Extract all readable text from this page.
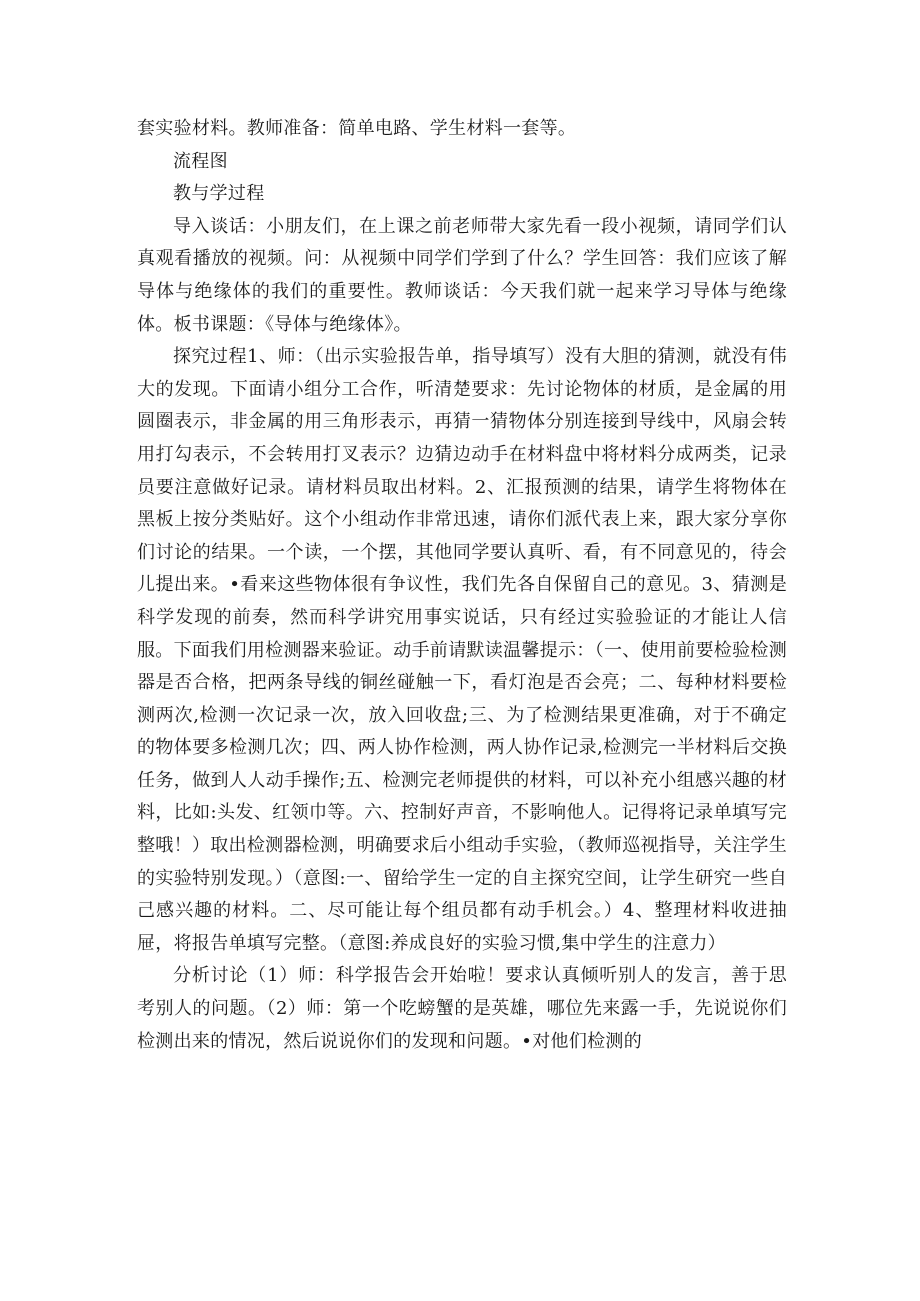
套实验材料。教师准备：简单电路、学生材料一套等。

流程图

教与学过程

导入谈话：小朋友们，在上课之前老师带大家先看一段小视频，请同学们认真观看播放的视频。问：从视频中同学们学到了什么？学生回答：我们应该了解导体与绝缘体的我们的重要性。教师谈话：今天我们就一起来学习导体与绝缘体。板书课题：《导体与绝缘体》。

探究过程1、师：（出示实验报告单，指导填写）没有大胆的猜测，就没有伟大的发现。下面请小组分工合作，听清楚要求：先讨论物体的材质，是金属的用圆圈表示，非金属的用三角形表示，再猜一猜物体分别连接到导线中，风扇会转用打勾表示，不会转用打叉表示？边猜边动手在材料盘中将材料分成两类，记录员要注意做好记录。请材料员取出材料。2、汇报预测的结果，请学生将物体在黑板上按分类贴好。这个小组动作非常迅速，请你们派代表上来，跟大家分享你们讨论的结果。一个读，一个摆，其他同学要认真听、看，有不同意见的，待会儿提出来。•看来这些物体很有争议性，我们先各自保留自己的意见。3、猜测是科学发现的前奏，然而科学讲究用事实说话，只有经过实验验证的才能让人信服。下面我们用检测器来验证。动手前请默读温馨提示：（一、使用前要检验检测器是否合格，把两条导线的铜丝碰触一下，看灯泡是否会亮；二、每种材料要检测两次,检测一次记录一次，放入回收盘;三、为了检测结果更准确，对于不确定的物体要多检测几次；四、两人协作检测，两人协作记录,检测完一半材料后交换任务，做到人人动手操作;五、检测完老师提供的材料，可以补充小组感兴趣的材料，比如:头发、红领巾等。六、控制好声音，不影响他人。记得将记录单填写完整哦！）取出检测器检测，明确要求后小组动手实验，（教师巡视指导，关注学生的实验特别发现。）（意图:一、留给学生一定的自主探究空间，让学生研究一些自己感兴趣的材料。二、尽可能让每个组员都有动手机会。）4、整理材料收进抽屉，将报告单填写完整。（意图:养成良好的实验习惯,集中学生的注意力）

分析讨论（1）师：科学报告会开始啦！要求认真倾听别人的发言，善于思考别人的问题。（2）师：第一个吃螃蟹的是英雄，哪位先来露一手，先说说你们检测出来的情况，然后说说你们的发现和问题。•对他们检测的
